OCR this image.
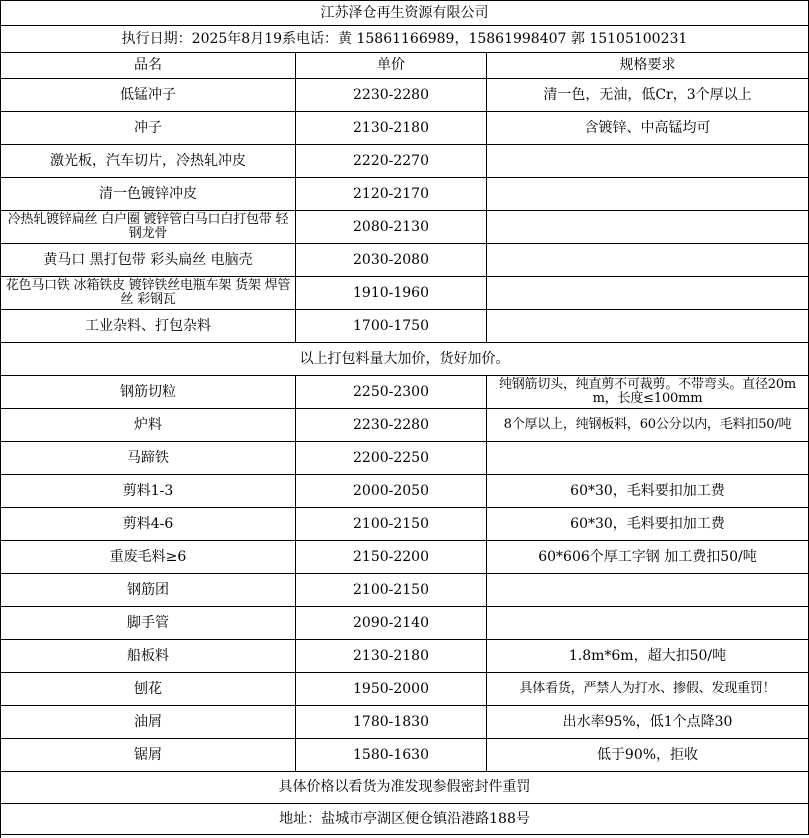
江苏泽仓再生资源有限公司
执行日期：2025年8月19系电话：黄 15861166989，15861998407 郭 15105100231
品名	单价	规格要求
低锰冲子	2230-2280	清一色，无油，低Cr，3个厚以上
冲子	2130-2180	含镀锌、中高锰均可
激光板，汽车切片，冷热轧冲皮	2220-2270
清一色镀锌冲皮	2120-2170
冷热轧镀锌扁丝 白户圈 镀锌管白马口白打包带 轻钢龙骨	2080-2130
黄马口 黑打包带 彩头扁丝 电脑壳	2030-2080
花色马口铁 冰箱铁皮 镀锌铁丝电瓶车架 货架 焊管丝 彩钢瓦	1910-1960
工业杂料、打包杂料	1700-1750
以上打包料量大加价，货好加价。
钢筋切粒	2250-2300	纯钢筋切头，纯直剪不可裁剪。不带弯头。直径20mm，长度≤100mm
炉料	2230-2280	8个厚以上，纯钢板料，60公分以内，毛料扣50/吨
马蹄铁	2200-2250
剪料1-3	2000-2050	60*30，毛料要扣加工费
剪料4-6	2100-2150	60*30，毛料要扣加工费
重废毛料≥6	2150-2200	60*606个厚工字钢 加工费扣50/吨
钢筋团	2100-2150
脚手管	2090-2140
船板料	2130-2180	1.8m*6m，超大扣50/吨
刨花	1950-2000	具体看货，严禁人为打水、掺假、发现重罚！
油屑	1780-1830	出水率95%，低1个点降30
锯屑	1580-1630	低于90%，拒收
具体价格以看货为准发现参假密封件重罚
地址：盐城市亭湖区便仓镇沿港路188号
